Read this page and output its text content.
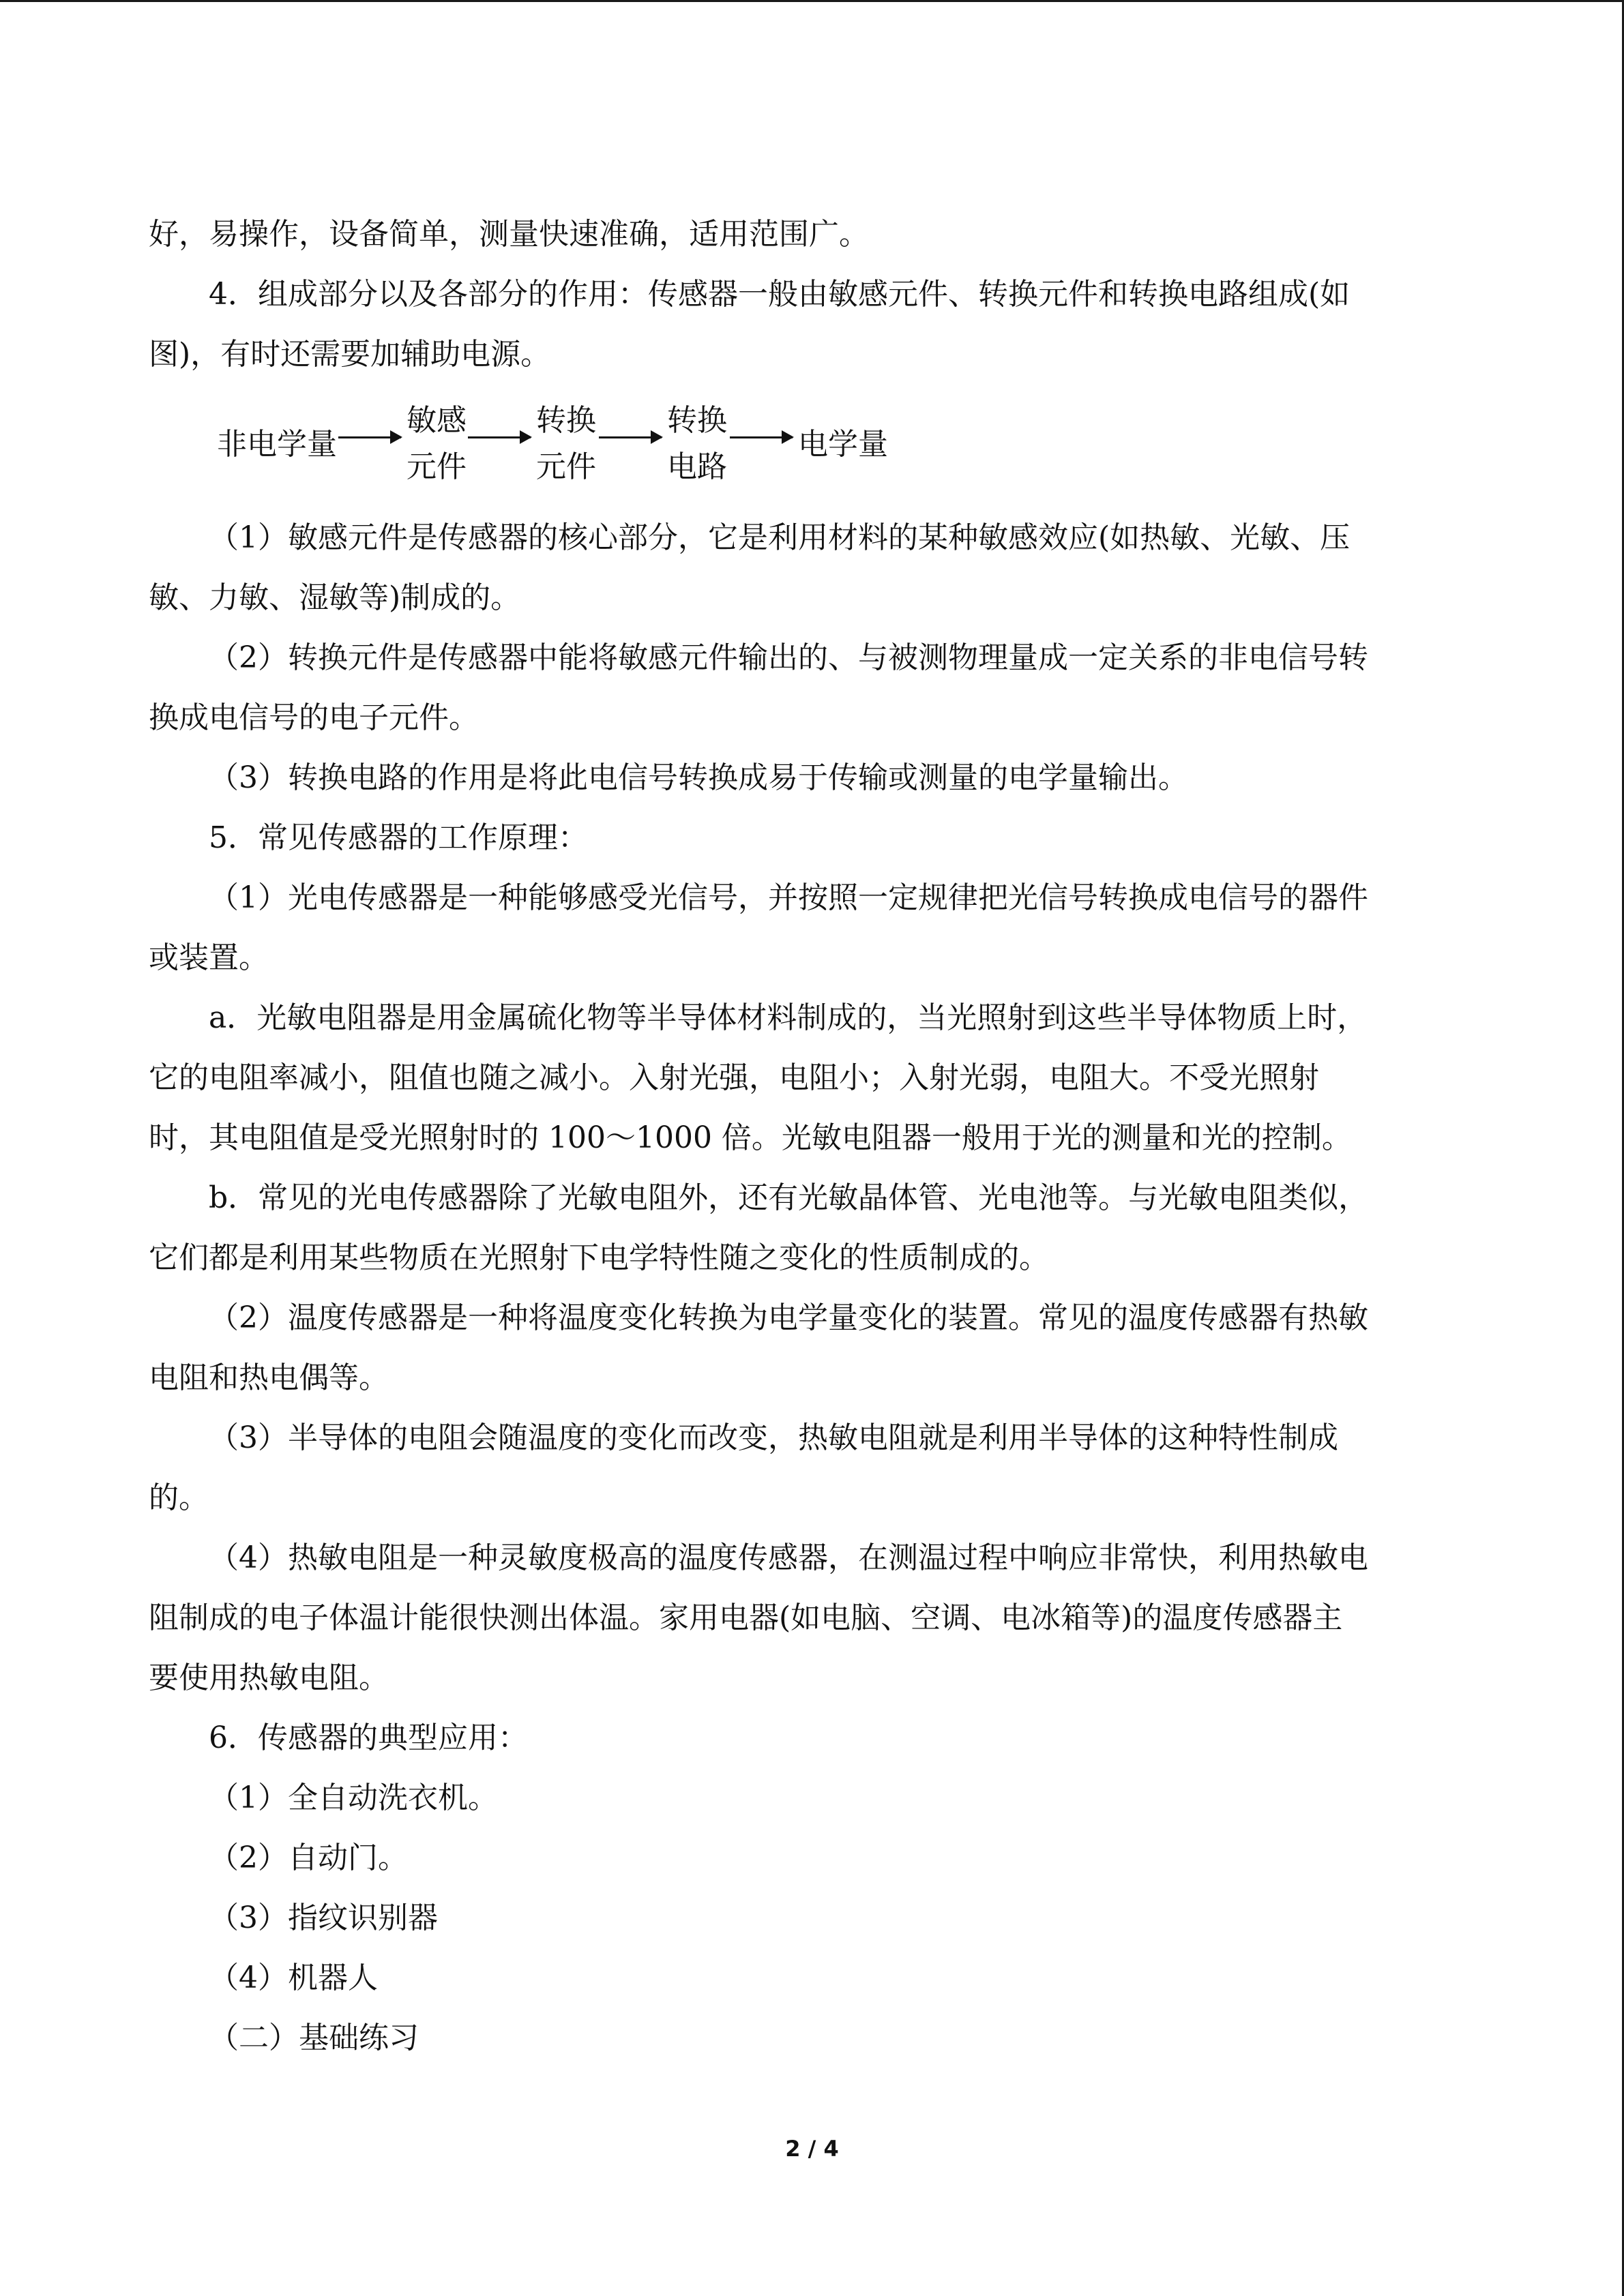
好，易操作，设备简单，测量快速准确，适用范围广。

4．组成部分以及各部分的作用：传感器一般由敏感元件、转换元件和转换电路组成(如

图)，有时还需要加辅助电源。

非电学量
敏感
元件
转换
元件
转换
电路
电学量

（1）敏感元件是传感器的核心部分，它是利用材料的某种敏感效应(如热敏、光敏、压

敏、力敏、湿敏等)制成的。

（2）转换元件是传感器中能将敏感元件输出的、与被测物理量成一定关系的非电信号转

换成电信号的电子元件。

（3）转换电路的作用是将此电信号转换成易于传输或测量的电学量输出。

5．常见传感器的工作原理：

（1）光电传感器是一种能够感受光信号，并按照一定规律把光信号转换成电信号的器件

或装置。

a．光敏电阻器是用金属硫化物等半导体材料制成的，当光照射到这些半导体物质上时，

它的电阻率减小，阻值也随之减小。入射光强，电阻小；入射光弱，电阻大。不受光照射

时，其电阻值是受光照射时的 100～1000 倍。光敏电阻器一般用于光的测量和光的控制。

b．常见的光电传感器除了光敏电阻外，还有光敏晶体管、光电池等。与光敏电阻类似，

它们都是利用某些物质在光照射下电学特性随之变化的性质制成的。

（2）温度传感器是一种将温度变化转换为电学量变化的装置。常见的温度传感器有热敏

电阻和热电偶等。

（3）半导体的电阻会随温度的变化而改变，热敏电阻就是利用半导体的这种特性制成

的。

（4）热敏电阻是一种灵敏度极高的温度传感器，在测温过程中响应非常快，利用热敏电

阻制成的电子体温计能很快测出体温。家用电器(如电脑、空调、电冰箱等)的温度传感器主

要使用热敏电阻。

6．传感器的典型应用：

（1）全自动洗衣机。

（2）自动门。

（3）指纹识别器

（4）机器人

（二）基础练习

2 / 4
